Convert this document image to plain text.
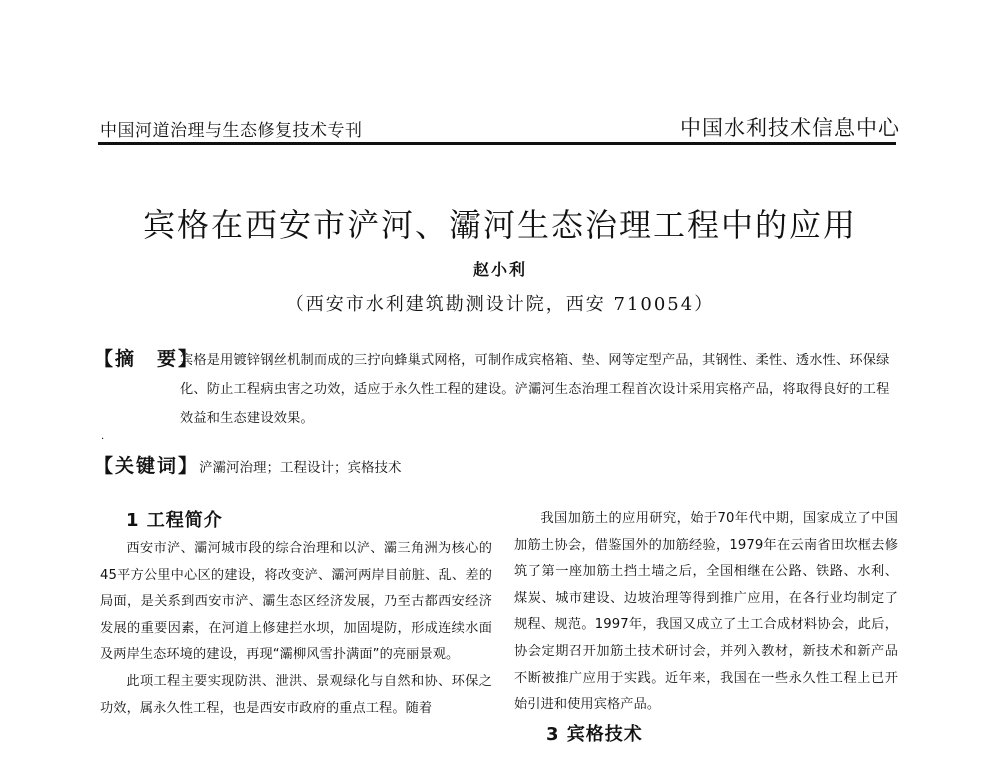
中国河道治理与生态修复技术专刊	中国水利技术信息中心
宾格在西安市浐河、灞河生态治理工程中的应用
赵小利
（西安市水利建筑勘测设计院，西安 710054）
【摘　要】

宾格是用镀锌钢丝机制而成的三拧向蜂巢式网格，可制作成宾格箱、垫、网等定型产品，其钢性、柔性、透水性、环保绿化、防止工程病虫害之功效，适应于永久性工程的建设。浐灞河生态治理工程首次设计采用宾格产品，将取得良好的工程效益和生态建设效果。

·
【关键词】浐灞河治理；工程设计；宾格技术
1 工程简介

西安市浐、灞河城市段的综合治理和以浐、灞三角洲为核心的45平方公里中心区的建设，将改变浐、灞河两岸目前脏、乱、差的局面，是关系到西安市浐、灞生态区经济发展，乃至古都西安经济发展的重要因素，在河道上修建拦水坝，加固堤防，形成连续水面及两岸生态环境的建设，再现“灞柳风雪扑满面”的亮丽景观。

此项工程主要实现防洪、泄洪、景观绿化与自然和协、环保之功效，属永久性工程，也是西安市政府的重点工程。随着

我国加筋土的应用研究，始于70年代中期，国家成立了中国加筋土协会，借鉴国外的加筋经验，1979年在云南省田坎框去修筑了第一座加筋土挡土墙之后，全国相继在公路、铁路、水利、煤炭、城市建设、边坡治理等得到推广应用，在各行业均制定了规程、规范。1997年，我国又成立了土工合成材料协会，此后，协会定期召开加筋土技术研讨会，并列入教材，新技术和新产品不断被推广应用于实践。近年来，我国在一些永久性工程上已开始引进和使用宾格产品。

3 宾格技术
